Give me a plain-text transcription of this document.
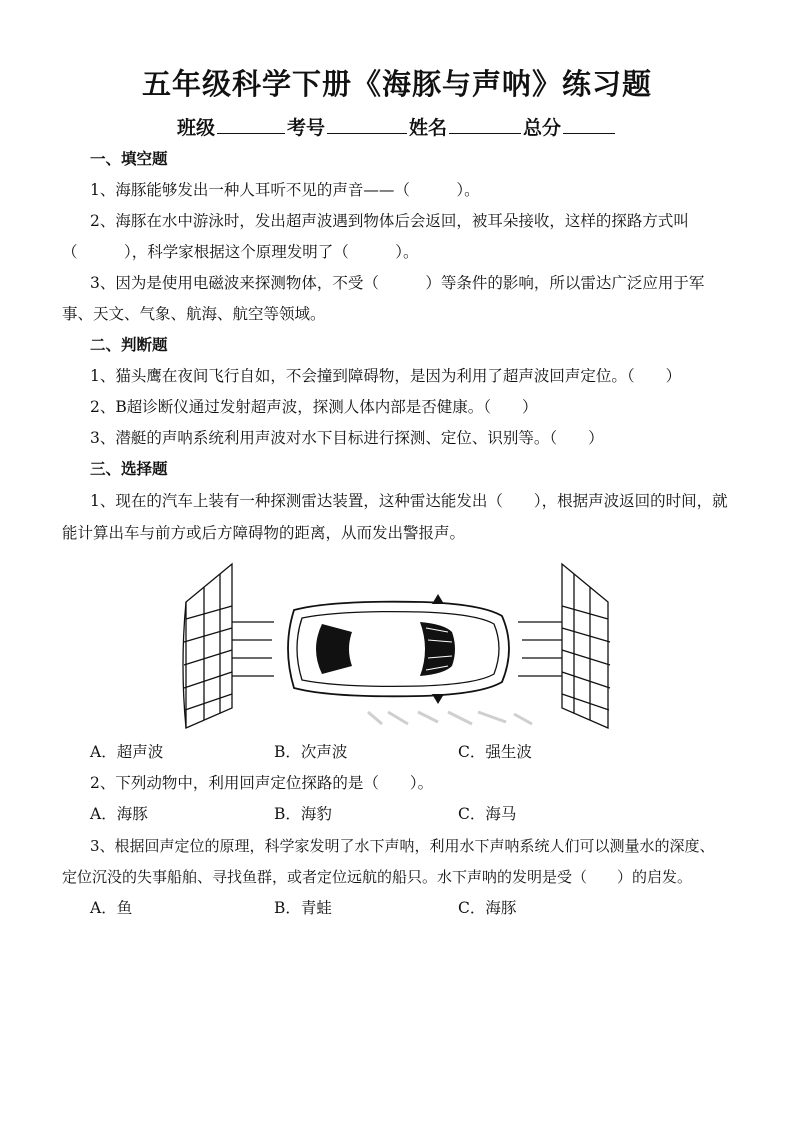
五年级科学下册《海豚与声呐》练习题
班级	考号	姓名	总分
一、填空题
1、海豚能够发出一种人耳听不见的声音——（　　　）。
2、海豚在水中游泳时，发出超声波遇到物体后会返回，被耳朵接收，这样的探路方式叫
（　　　），科学家根据这个原理发明了（　　　）。
3、因为是使用电磁波来探测物体，不受（　　　）等条件的影响，所以雷达广泛应用于军
事、天文、气象、航海、航空等领域。
二、判断题
1、猫头鹰在夜间飞行自如，不会撞到障碍物，是因为利用了超声波回声定位。（　　）
2、B超诊断仪通过发射超声波，探测人体内部是否健康。（　　）
3、潜艇的声呐系统利用声波对水下目标进行探测、定位、识别等。（　　）
三、选择题
1、现在的汽车上装有一种探测雷达装置，这种雷达能发出（　　），根据声波返回的时间，就
能计算出车与前方或后方障碍物的距离，从而发出警报声。
A．超声波	B．次声波	C．强生波
2、下列动物中，利用回声定位探路的是（　　）。
A．海豚	B．海豹	C．海马
3、根据回声定位的原理，科学家发明了水下声呐，利用水下声呐系统人们可以测量水的深度、
定位沉没的失事船舶、寻找鱼群，或者定位远航的船只。水下声呐的发明是受（　　）的启发。
A．鱼	B．青蛙	C．海豚
